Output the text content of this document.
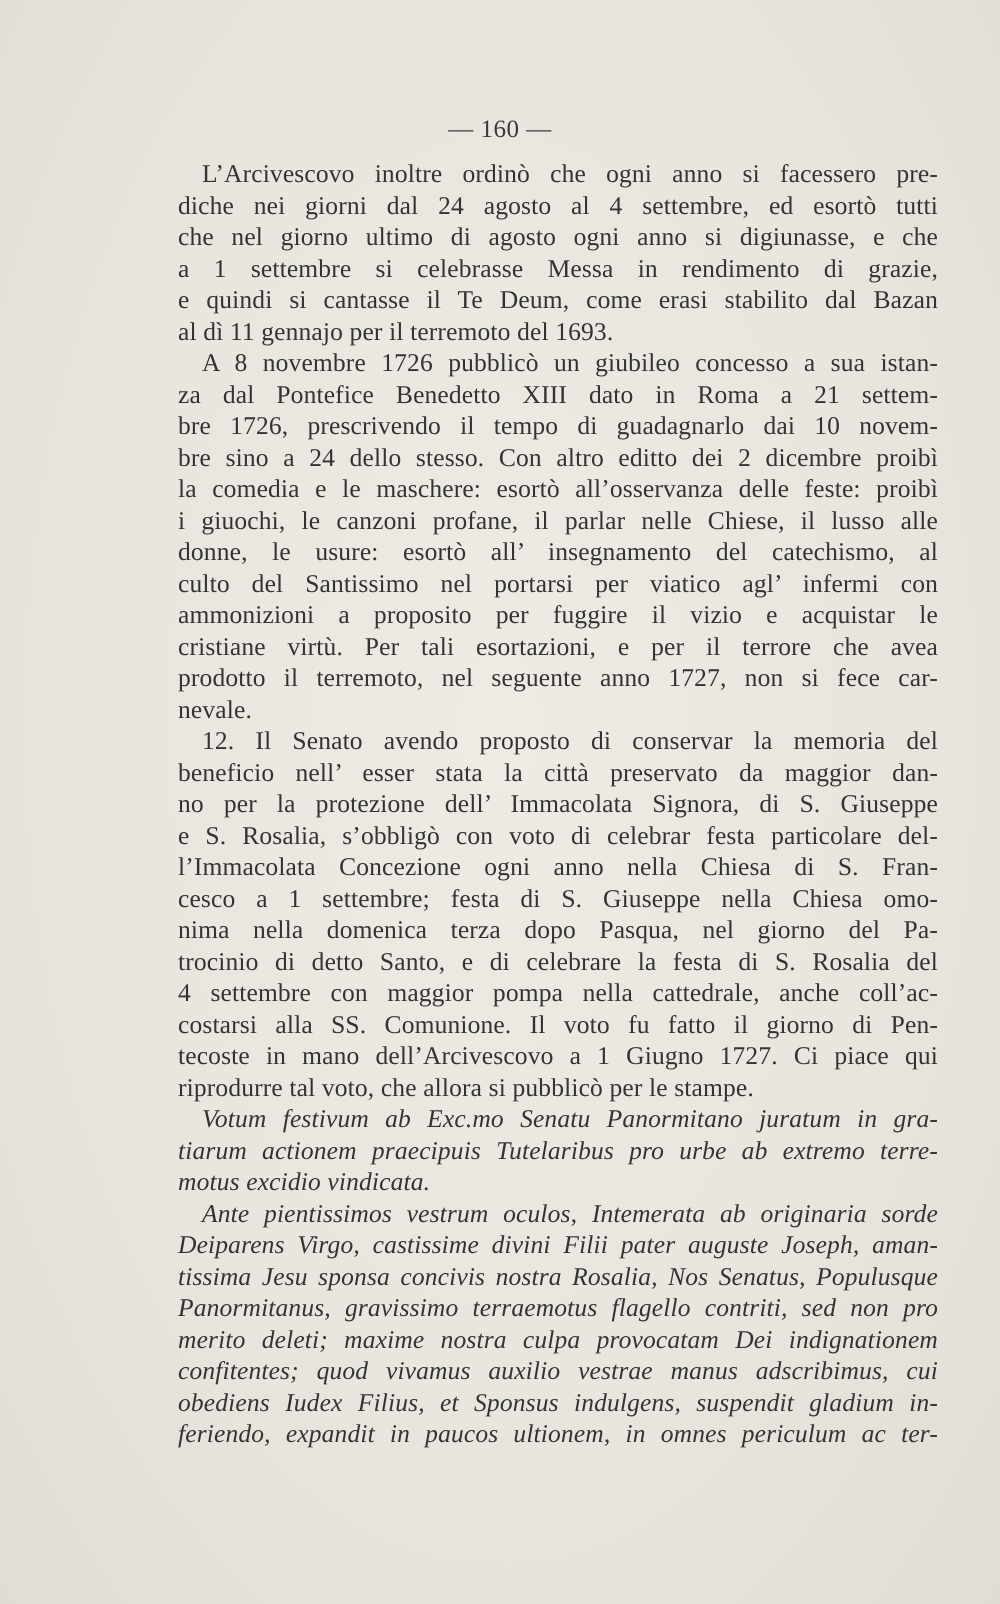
— 160 —
L’Arcivescovo inoltre ordinò che ogni anno si facessero pre-
diche nei giorni dal 24 agosto al 4 settembre, ed esortò tutti
che nel giorno ultimo di agosto ogni anno si digiunasse, e che
a 1 settembre si celebrasse Messa in rendimento di grazie,
e quindi si cantasse il Te Deum, come erasi stabilito dal Bazan
al dì 11 gennajo per il terremoto del 1693.
A 8 novembre 1726 pubblicò un giubileo concesso a sua istan-
za dal Pontefice Benedetto XIII dato in Roma a 21 settem-
bre 1726, prescrivendo il tempo di guadagnarlo dai 10 novem-
bre sino a 24 dello stesso. Con altro editto dei 2 dicembre proibì
la comedia e le maschere: esortò all’osservanza delle feste: proibì
i giuochi, le canzoni profane, il parlar nelle Chiese, il lusso alle
donne, le usure: esortò all’ insegnamento del catechismo, al
culto del Santissimo nel portarsi per viatico agl’ infermi con
ammonizioni a proposito per fuggire il vizio e acquistar le
cristiane virtù. Per tali esortazioni, e per il terrore che avea
prodotto il terremoto, nel seguente anno 1727, non si fece car-
nevale.
12. Il Senato avendo proposto di conservar la memoria del
beneficio nell’ esser stata la città preservato da maggior dan-
no per la protezione dell’ Immacolata Signora, di S. Giuseppe
e S. Rosalia, s’obbligò con voto di celebrar festa particolare del-
l’Immacolata Concezione ogni anno nella Chiesa di S. Fran-
cesco a 1 settembre; festa di S. Giuseppe nella Chiesa omo-
nima nella domenica terza dopo Pasqua, nel giorno del Pa-
trocinio di detto Santo, e di celebrare la festa di S. Rosalia del
4 settembre con maggior pompa nella cattedrale, anche coll’ac-
costarsi alla SS. Comunione. Il voto fu fatto il giorno di Pen-
tecoste in mano dell’Arcivescovo a 1 Giugno 1727. Ci piace qui
riprodurre tal voto, che allora si pubblicò per le stampe.
Votum festivum ab Exc.mo Senatu Panormitano juratum in gra-
tiarum actionem praecipuis Tutelaribus pro urbe ab extremo terre-
motus excidio vindicata.
Ante pientissimos vestrum oculos, Intemerata ab originaria sorde
Deiparens Virgo, castissime divini Filii pater auguste Joseph, aman-
tissima Jesu sponsa concivis nostra Rosalia, Nos Senatus, Populusque
Panormitanus, gravissimo terraemotus flagello contriti, sed non pro
merito deleti; maxime nostra culpa provocatam Dei indignationem
confitentes; quod vivamus auxilio vestrae manus adscribimus, cui
obediens Iudex Filius, et Sponsus indulgens, suspendit gladium in-
feriendo, expandit in paucos ultionem, in omnes periculum ac ter-
